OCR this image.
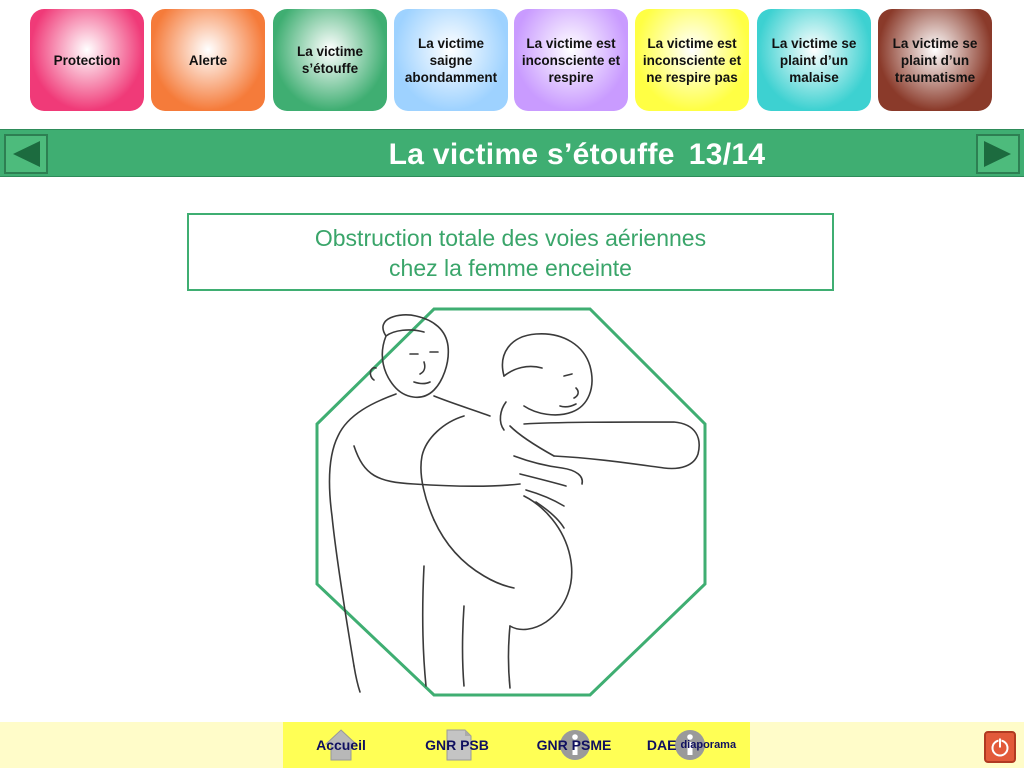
Protection	Alerte
La victime s’étouffe
La victime saigne abondamment
La victime est inconsciente et respire
La victime est inconsciente et ne respire pas
La victime se plaint d’un malaise
La victime se plaint d’un traumatisme
La victime s’étouffe 13/14
Obstruction totale des voies aériennes
chez la femme enceinte
Accueil	GNR PSB	GNR PSME	DAE diaporama
